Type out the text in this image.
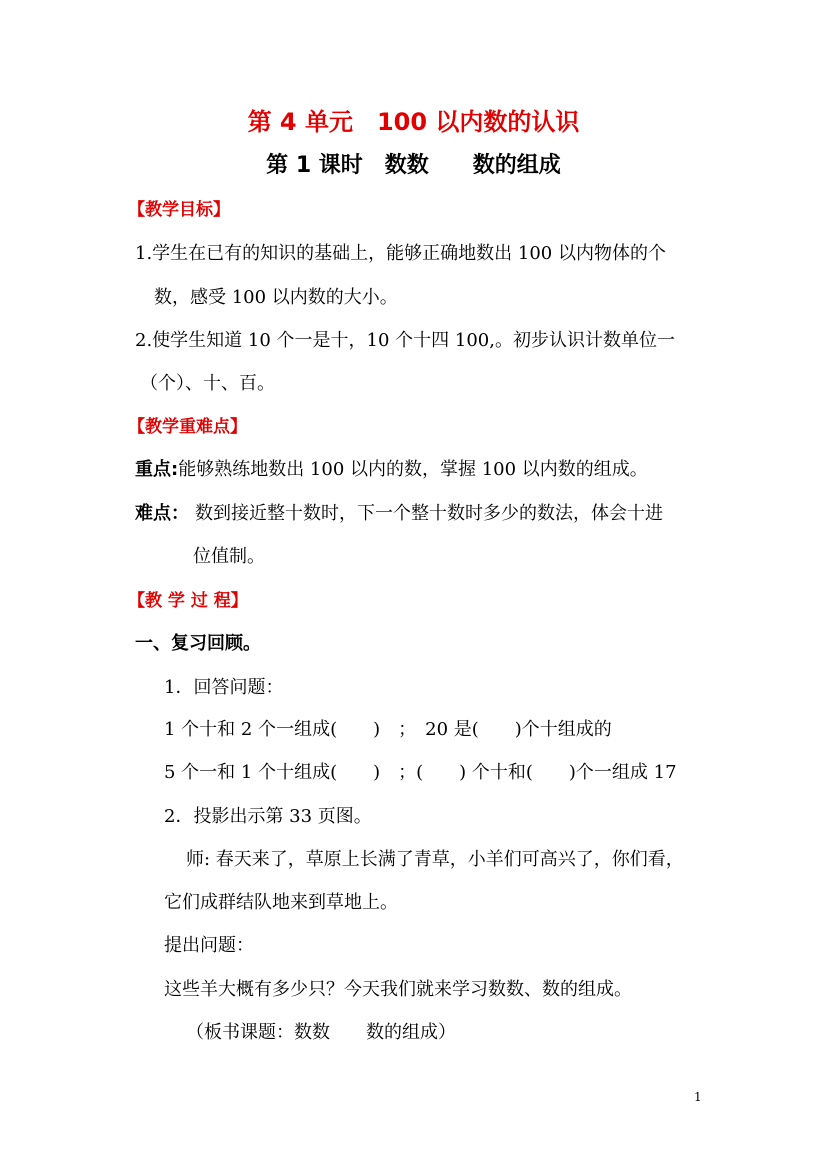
第 4 单元　100 以内数的认识
第 1 课时　数数　　数的组成
【教学目标】
1.学生在已有的知识的基础上，能够正确地数出 100 以内物体的个
数，感受 100 以内数的大小。
2.使学生知道 10 个一是十，10 个十四 100,。初步认识计数单位一
（个）、十、百。
【教学重难点】
重点:能够熟练地数出 100 以内的数，掌握 100 以内数的组成。
难点： 数到接近整十数时，下一个整十数时多少的数法，体会十进
位值制。
【教 学 过 程】
一、复习回顾。
1．回答问题：
1 个十和 2 个一组成(　　)　；　20 是(　　)个十组成的
5 个一和 1 个十组成(　　)　；(　　) 个十和(　　)个一组成 17
2．投影出示第 33 页图。
师: 春天来了，草原上长满了青草，小羊们可高兴了，你们看，
它们成群结队地来到草地上。
提出问题：
这些羊大概有多少只？今天我们就来学习数数、数的组成。
（板书课题：数数　　数的组成）
1
